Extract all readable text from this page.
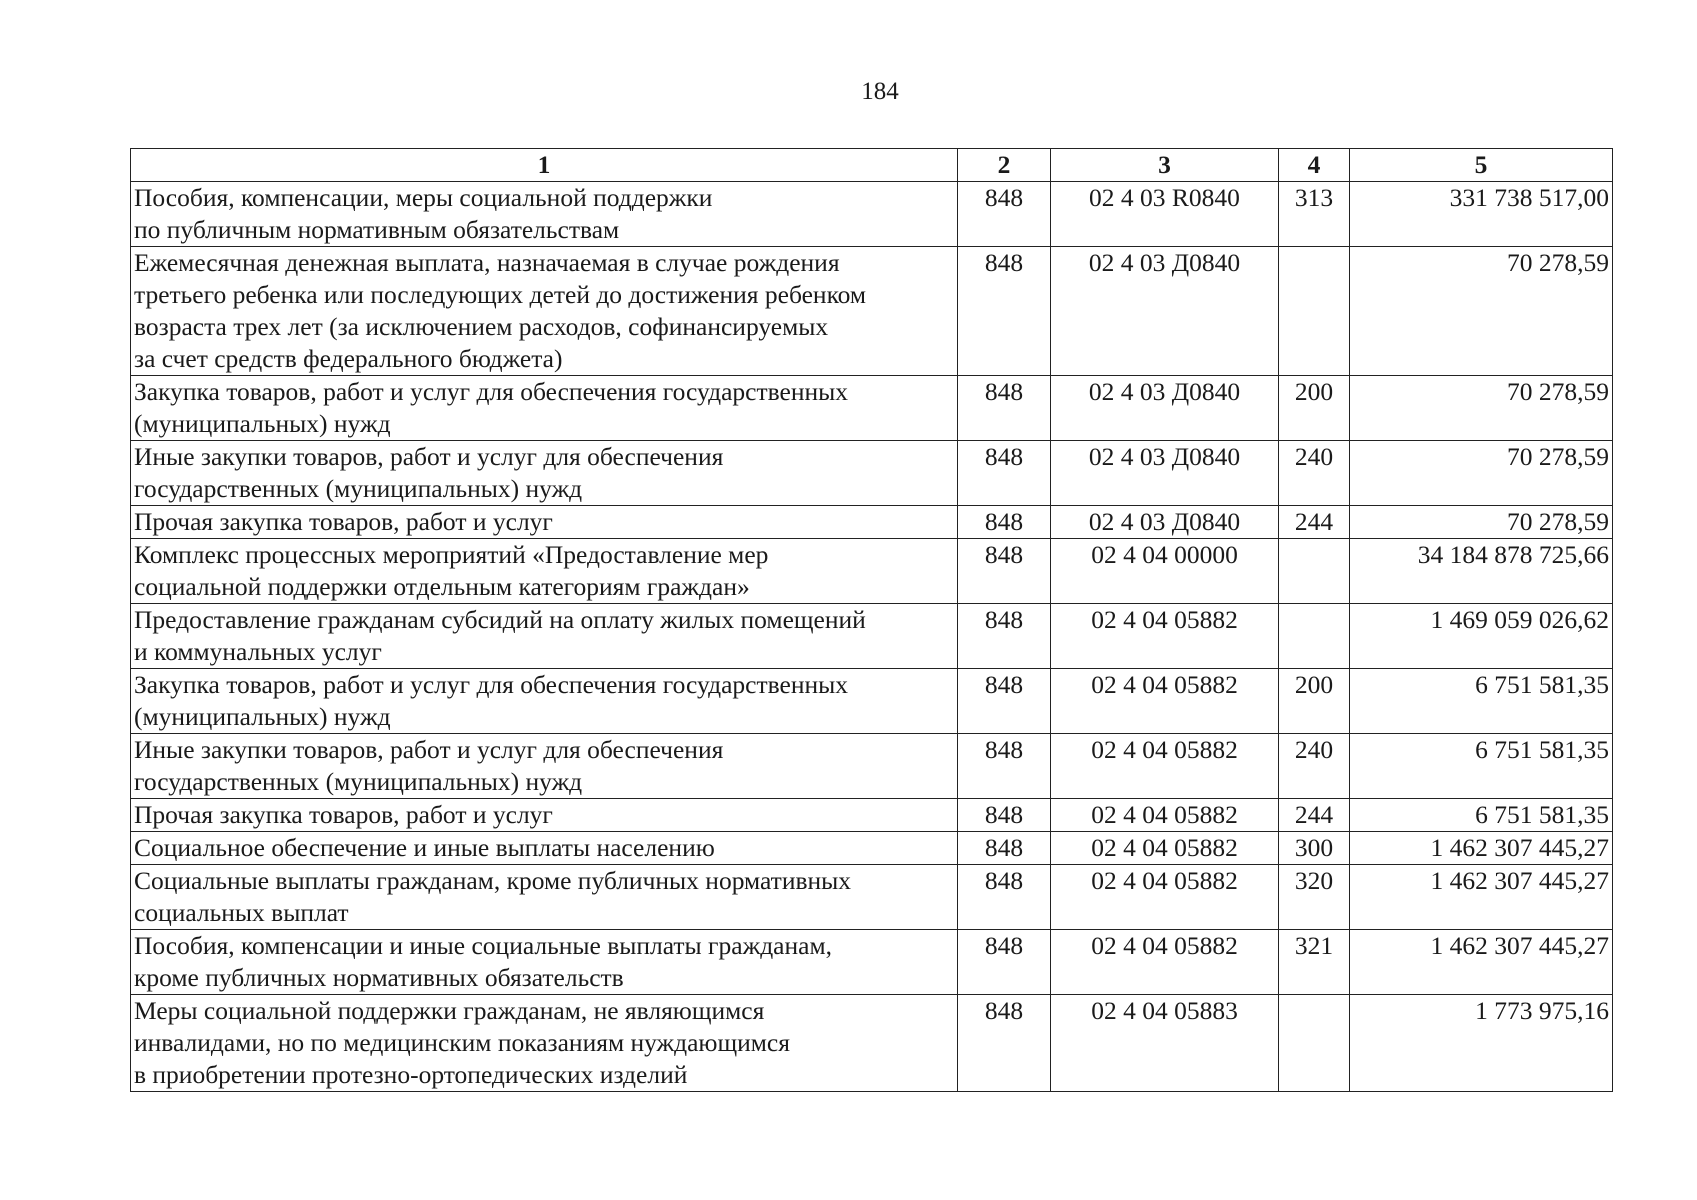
184
1	2	3	4	5

Пособия, компенсации, меры социальной поддержки
по публичным нормативным обязательствам	848	02 4 03 R0840	313	331 738 517,00

Ежемесячная денежная выплата, назначаемая в случае рождения
третьего ребенка или последующих детей до достижения ребенком
возраста трех лет (за исключением расходов, софинансируемых
за счет средств федерального бюджета)	848	02 4 03 Д0840		70 278,59

Закупка товаров, работ и услуг для обеспечения государственных
(муниципальных) нужд	848	02 4 03 Д0840	200	70 278,59

Иные закупки товаров, работ и услуг для обеспечения
государственных (муниципальных) нужд	848	02 4 03 Д0840	240	70 278,59

Прочая закупка товаров, работ и услуг	848	02 4 03 Д0840	244	70 278,59

Комплекс процессных мероприятий «Предоставление мер
социальной поддержки отдельным категориям граждан»	848	02 4 04 00000		34 184 878 725,66

Предоставление гражданам субсидий на оплату жилых помещений
и коммунальных услуг	848	02 4 04 05882		1 469 059 026,62

Закупка товаров, работ и услуг для обеспечения государственных
(муниципальных) нужд	848	02 4 04 05882	200	6 751 581,35

Иные закупки товаров, работ и услуг для обеспечения
государственных (муниципальных) нужд	848	02 4 04 05882	240	6 751 581,35

Прочая закупка товаров, работ и услуг	848	02 4 04 05882	244	6 751 581,35

Социальное обеспечение и иные выплаты населению	848	02 4 04 05882	300	1 462 307 445,27

Социальные выплаты гражданам, кроме публичных нормативных
социальных выплат	848	02 4 04 05882	320	1 462 307 445,27

Пособия, компенсации и иные социальные выплаты гражданам,
кроме публичных нормативных обязательств	848	02 4 04 05882	321	1 462 307 445,27

Меры социальной поддержки гражданам, не являющимся
инвалидами, но по медицинским показаниям нуждающимся
в приобретении протезно-ортопедических изделий	848	02 4 04 05883		1 773 975,16
